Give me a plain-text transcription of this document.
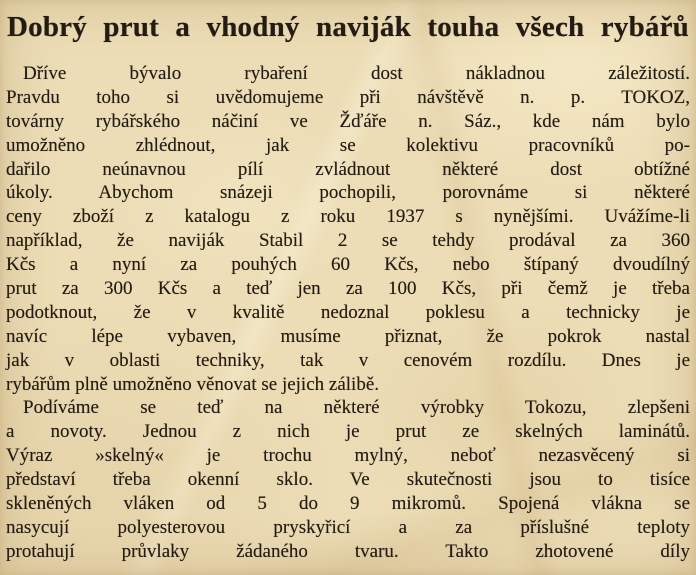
Dobrý prut a vhodný naviják touha všech rybářů
Dříve bývalo rybaření dost nákladnou záležitostí.
Pravdu toho si uvědomujeme při návštěvě n. p. TOKOZ,
továrny rybářského náčiní ve Žďáře n. Sáz., kde nám bylo
umožněno zhlédnout, jak se kolektivu pracovníků po-
dařilo neúnavnou pílí zvládnout některé dost obtížné
úkoly. Abychom snázeji pochopili, porovnáme si některé
ceny zboží z katalogu z roku 1937 s nynějšími. Uvážíme-li
například, že naviják Stabil 2 se tehdy prodával za 360
Kčs a nyní za pouhých 60 Kčs, nebo štípaný dvoudílný
prut za 300 Kčs a teď jen za 100 Kčs, při čemž je třeba
podotknout, že v kvalitě nedoznal poklesu a technicky je
navíc lépe vybaven, musíme přiznat, že pokrok nastal
jak v oblasti techniky, tak v cenovém rozdílu. Dnes je
rybářům plně umožněno věnovat se jejich zálibě.
Podíváme se teď na některé výrobky Tokozu, zlepšeni
a novoty. Jednou z nich je prut ze skelných laminátů.
Výraz »skelný« je trochu mylný, neboť nezasvěcený si
představí třeba okenní sklo. Ve skutečnosti jsou to tisíce
skleněných vláken od 5 do 9 mikromů. Spojená vlákna se
nasycují polyesterovou pryskyřicí a za příslušné teploty
protahují průvlaky žádaného tvaru. Takto zhotovené díly
